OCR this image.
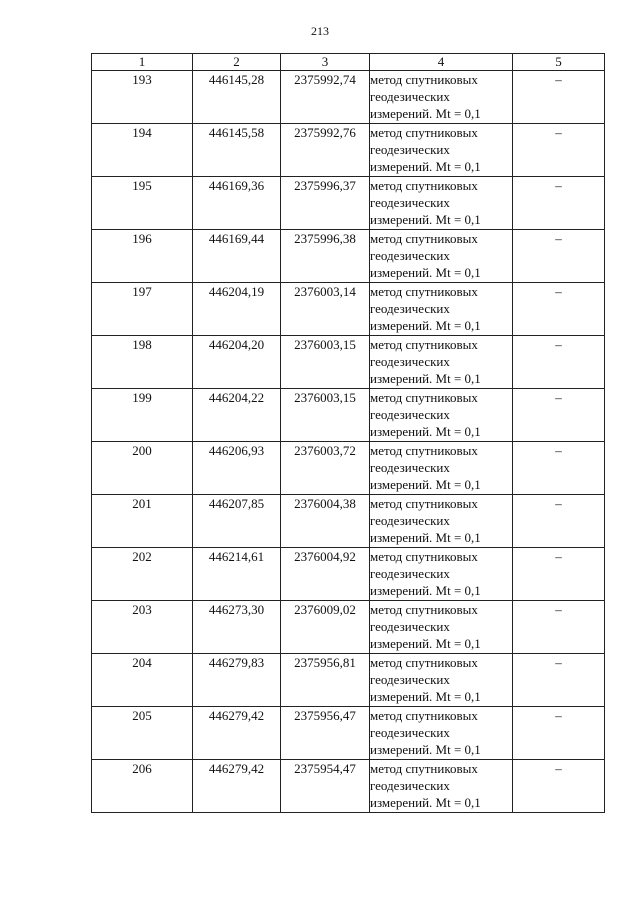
213
1	2	3	4	5
193	446145,28	2375992,74	метод спутниковых
геодезических
измерений. Mt = 0,1	–
194	446145,58	2375992,76	метод спутниковых
геодезических
измерений. Mt = 0,1	–
195	446169,36	2375996,37	метод спутниковых
геодезических
измерений. Mt = 0,1	–
196	446169,44	2375996,38	метод спутниковых
геодезических
измерений. Mt = 0,1	–
197	446204,19	2376003,14	метод спутниковых
геодезических
измерений. Mt = 0,1	–
198	446204,20	2376003,15	метод спутниковых
геодезических
измерений. Mt = 0,1	–
199	446204,22	2376003,15	метод спутниковых
геодезических
измерений. Mt = 0,1	–
200	446206,93	2376003,72	метод спутниковых
геодезических
измерений. Mt = 0,1	–
201	446207,85	2376004,38	метод спутниковых
геодезических
измерений. Mt = 0,1	–
202	446214,61	2376004,92	метод спутниковых
геодезических
измерений. Mt = 0,1	–
203	446273,30	2376009,02	метод спутниковых
геодезических
измерений. Mt = 0,1	–
204	446279,83	2375956,81	метод спутниковых
геодезических
измерений. Mt = 0,1	–
205	446279,42	2375956,47	метод спутниковых
геодезических
измерений. Mt = 0,1	–
206	446279,42	2375954,47	метод спутниковых
геодезических
измерений. Mt = 0,1	–
